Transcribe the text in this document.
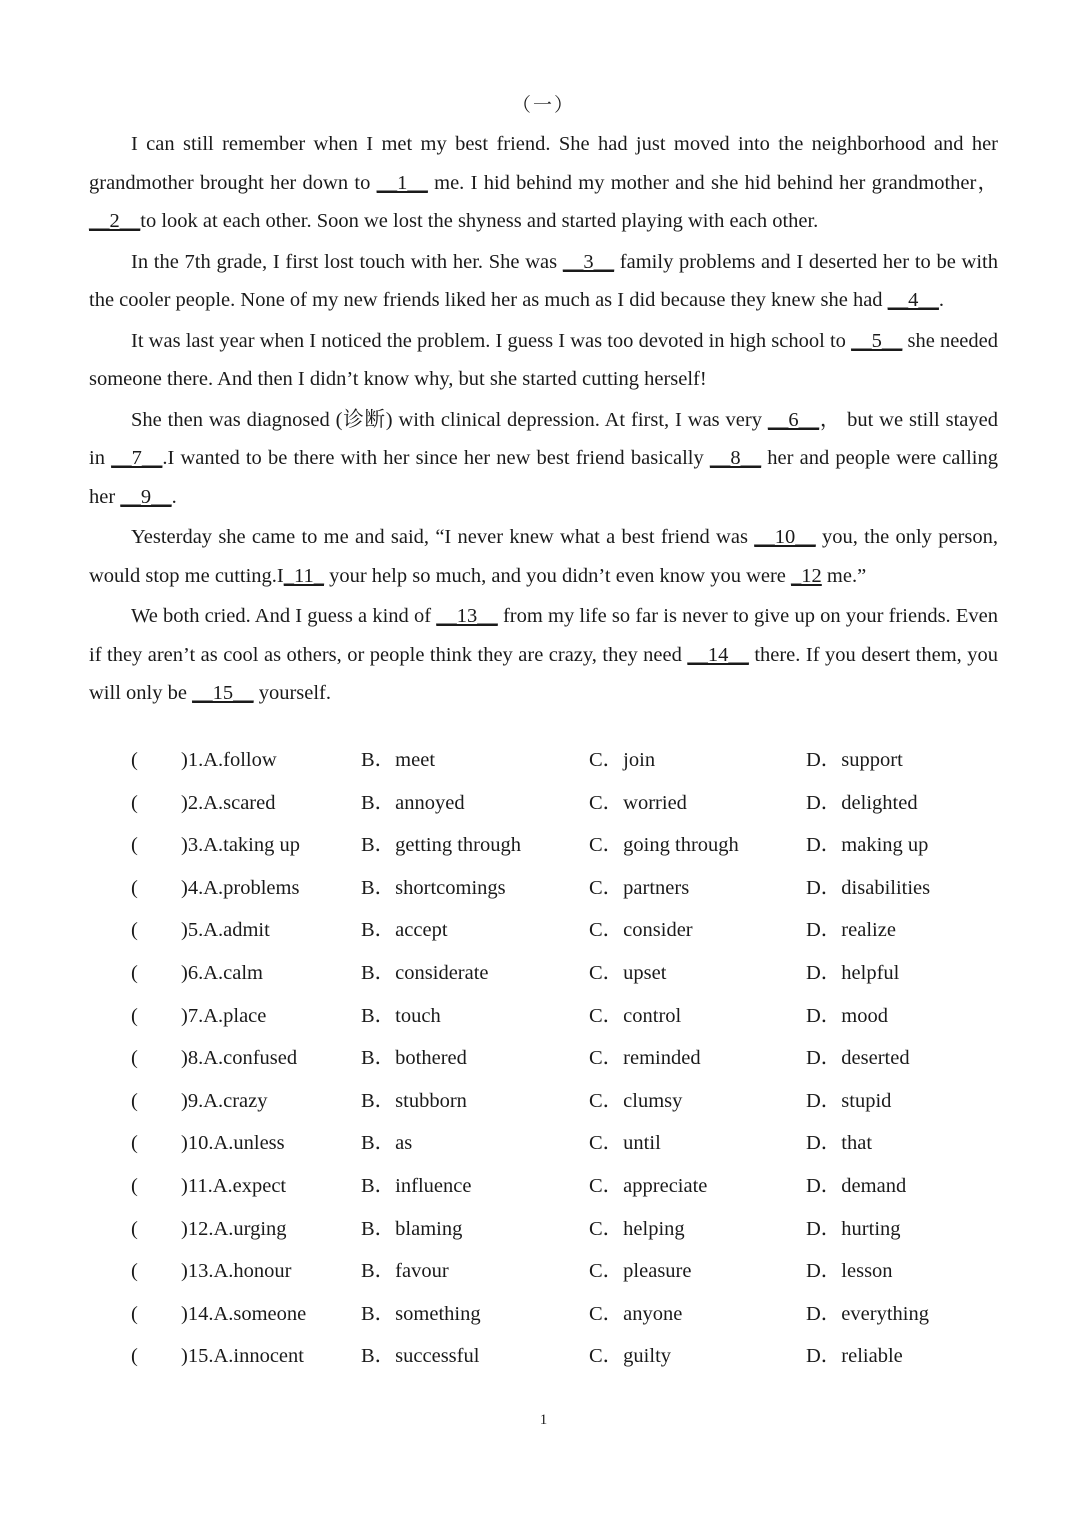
（一）

I can still remember when I met my best friend. She had just moved into the neighborhood and her grandmother brought her down to __1__ me. I hid behind my mother and she hid behind her grandmother，__2__to look at each other. Soon we lost the shyness and started playing with each other.

In the 7th grade, I first lost touch with her. She was __3__ family problems and I deserted her to be with the cooler people. None of my new friends liked her as much as I did because they knew she had __4__.

It was last year when I noticed the problem. I guess I was too devoted in high school to __5__ she needed someone there. And then I didn’t know why, but she started cutting herself!

She then was diagnosed (诊断) with clinical depression. At first, I was very __6__， but we still stayed in __7__.I wanted to be there with her since her new best friend basically __8__ her and people were calling her __9__.

Yesterday she came to me and said, “I never knew what a best friend was __10__ you, the only person, would stop me cutting.I_11_ your help so much, and you didn’t even know you were _12 me.”

We both cried. And I guess a kind of __13__ from my life so far is never to give up on your friends. Even if they aren’t as cool as others, or people think they are crazy, they need __14__ there. If you desert them, you will only be __15__ yourself.

( )1.A.follow	B．meet	C．join	D．support
( )2.A.scared	B．annoyed	C．worried	D．delighted
( )3.A.taking up	B．getting through	C．going through	D．making up
( )4.A.problems	B．shortcomings	C．partners	D．disabilities
( )5.A.admit	B．accept	C．consider	D．realize
( )6.A.calm	B．considerate	C．upset	D．helpful
( )7.A.place	B．touch	C．control	D．mood
( )8.A.confused	B．bothered	C．reminded	D．deserted
( )9.A.crazy	B．stubborn	C．clumsy	D．stupid
( )10.A.unless	B．as	C．until	D．that
( )11.A.expect	B．influence	C．appreciate	D．demand
( )12.A.urging	B．blaming	C．helping	D．hurting
( )13.A.honour	B．favour	C．pleasure	D．lesson
( )14.A.someone	B．something	C．anyone	D．everything
( )15.A.innocent	B．successful	C．guilty	D．reliable
1
